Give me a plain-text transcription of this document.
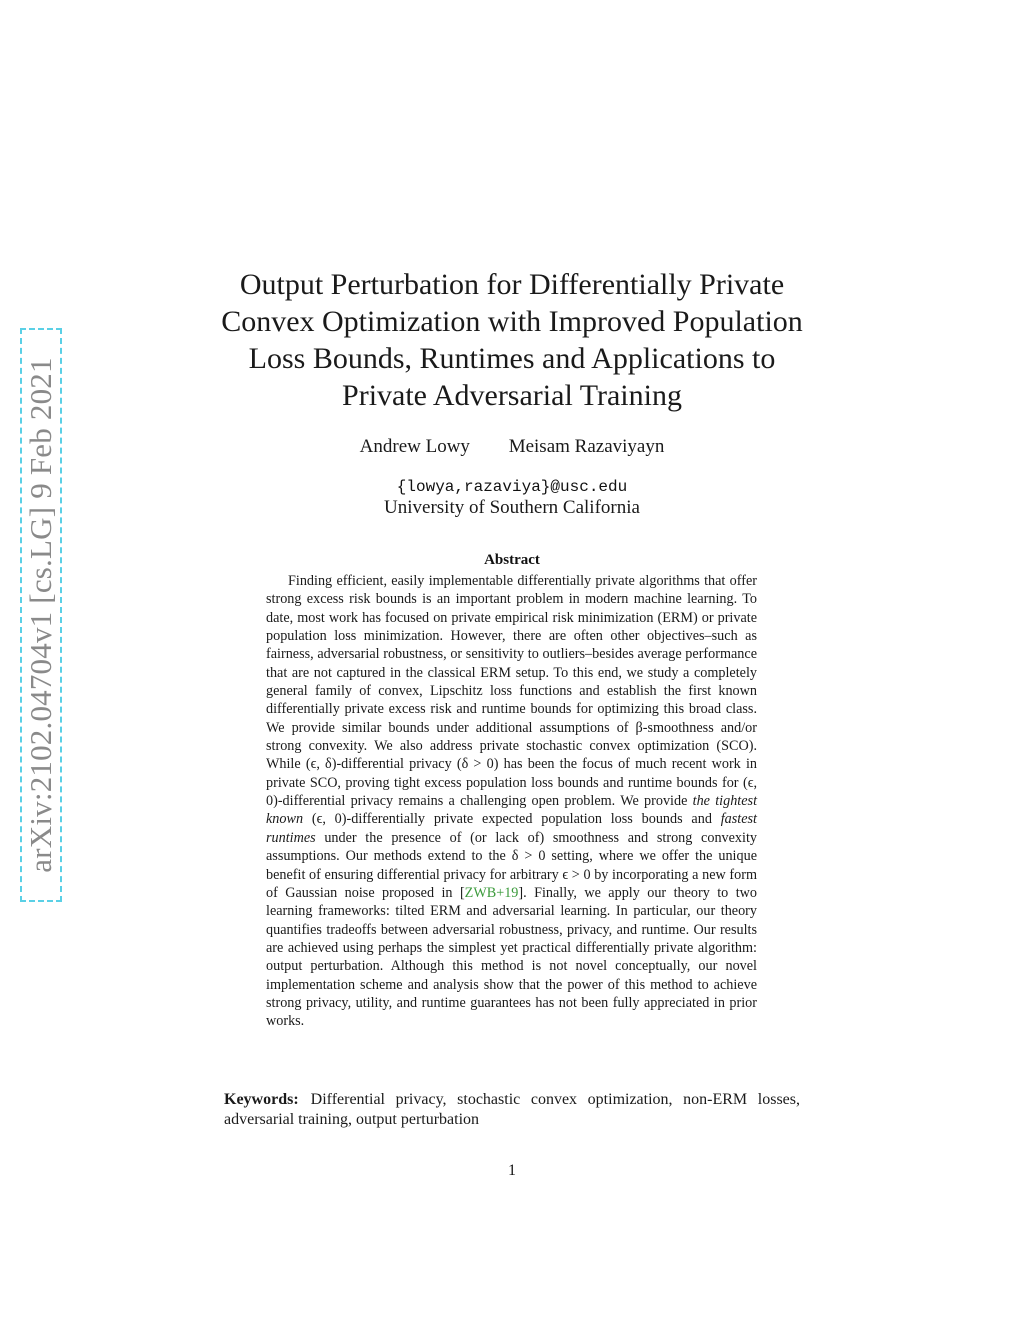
arXiv:2102.04704v1 [cs.LG] 9 Feb 2021
Output Perturbation for Differentially Private
Convex Optimization with Improved Population
Loss Bounds, Runtimes and Applications to
Private Adversarial Training
Andrew Lowy Meisam Razaviyayn
{lowya,razaviya}@usc.edu
University of Southern California
Abstract

Finding efficient, easily implementable differentially private algorithms that offer strong excess risk bounds is an important problem in modern machine learning. To date, most work has focused on private empirical risk minimization (ERM) or private population loss minimization. However, there are often other objectives–such as fairness, adversarial robustness, or sensitivity to outliers–besides average performance that are not captured in the classical ERM setup. To this end, we study a completely general family of convex, Lipschitz loss functions and establish the first known differentially private excess risk and runtime bounds for optimizing this broad class. We provide similar bounds under additional assumptions of β-smoothness and/or strong convexity. We also address private stochastic convex optimization (SCO). While (ϵ, δ)-differential privacy (δ > 0) has been the focus of much recent work in private SCO, proving tight excess population loss bounds and runtime bounds for (ϵ, 0)-differential privacy remains a challenging open problem. We provide the tightest known (ϵ, 0)-differentially private expected population loss bounds and fastest runtimes under the presence of (or lack of) smoothness and strong convexity assumptions. Our methods extend to the δ > 0 setting, where we offer the unique benefit of ensuring differential privacy for arbitrary ϵ > 0 by incorporating a new form of Gaussian noise proposed in [ZWB+19]. Finally, we apply our theory to two learning frameworks: tilted ERM and adversarial learning. In particular, our theory quantifies tradeoffs between adversarial robustness, privacy, and runtime. Our results are achieved using perhaps the simplest yet practical differentially private algorithm: output perturbation. Although this method is not novel conceptually, our novel implementation scheme and analysis show that the power of this method to achieve strong privacy, utility, and runtime guarantees has not been fully appreciated in prior works.

Keywords: Differential privacy, stochastic convex optimization, non-ERM losses, adversarial training, output perturbation
1
